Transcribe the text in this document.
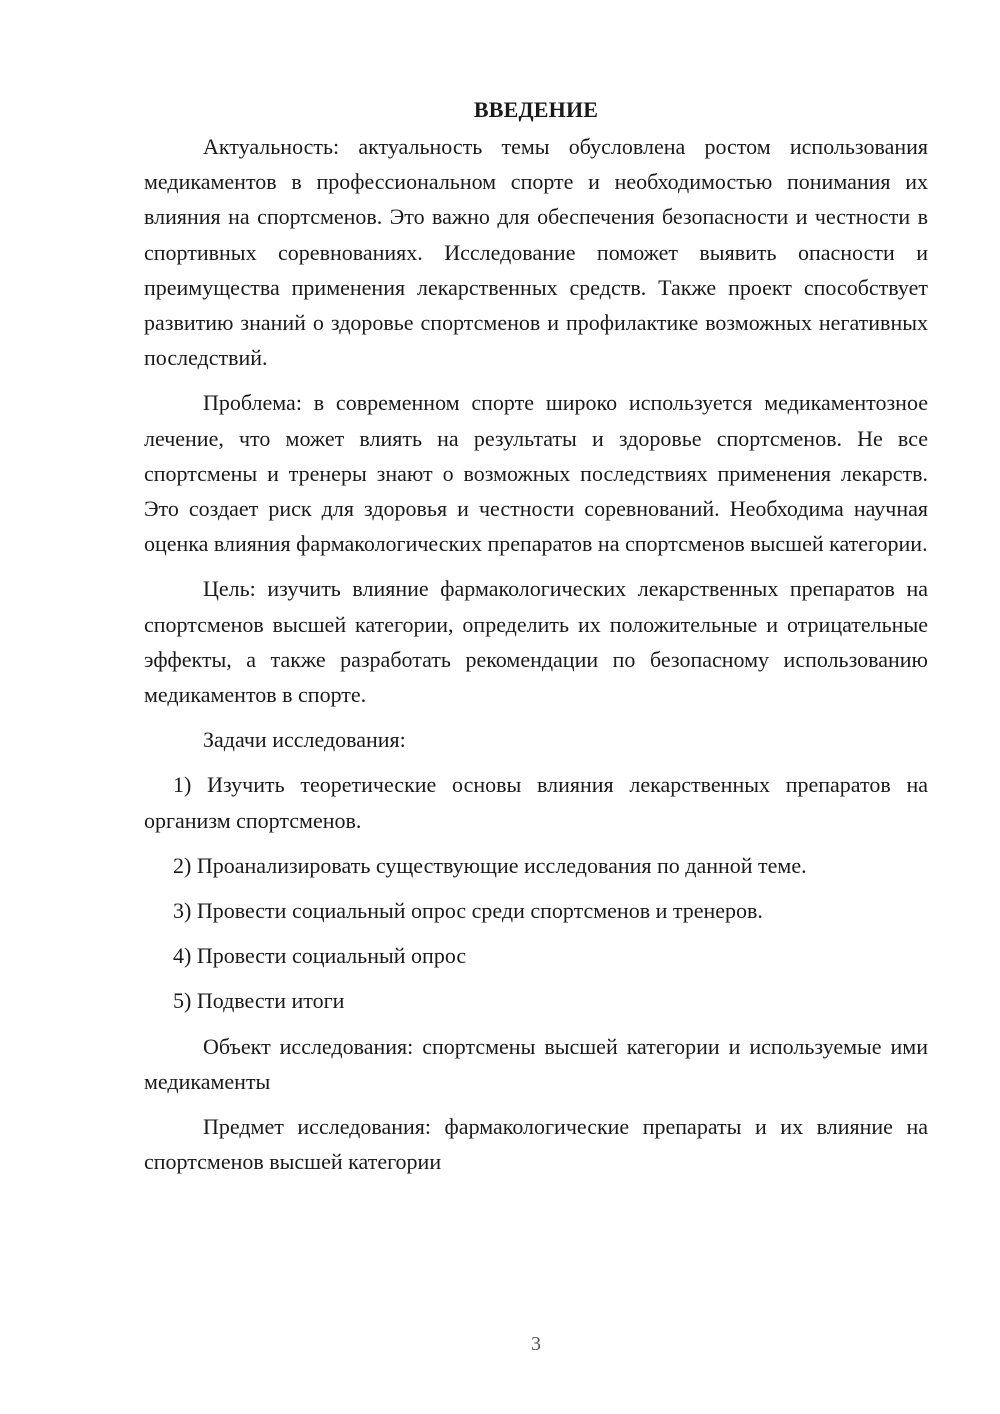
ВВЕДЕНИЕ

Актуальность: актуальность темы обусловлена ростом использования медикаментов в профессиональном спорте и необходимостью понимания их влияния на спортсменов. Это важно для обеспечения безопасности и честности в спортивных соревнованиях. Исследование поможет выявить опасности и преимущества применения лекарственных средств. Также проект способствует развитию знаний о здоровье спортсменов и профилактике возможных негативных последствий.

Проблема: в современном спорте широко используется медикаментозное лечение, что может влиять на результаты и здоровье спортсменов. Не все спортсмены и тренеры знают о возможных последствиях применения лекарств. Это создает риск для здоровья и честности соревнований. Необходима научная оценка влияния фармакологических препаратов на спортсменов высшей категории.

Цель: изучить влияние фармакологических лекарственных препаратов на спортсменов высшей категории, определить их положительные и отрицательные эффекты, а также разработать рекомендации по безопасному использованию медикаментов в спорте.

Задачи исследования:

1) Изучить теоретические основы влияния лекарственных препаратов на организм спортсменов.

2) Проанализировать существующие исследования по данной теме.

3) Провести социальный опрос среди спортсменов и тренеров.

4) Провести социальный опрос

5) Подвести итоги

Объект исследования: спортсмены высшей категории и используемые ими медикаменты

Предмет исследования: фармакологические препараты и их влияние на спортсменов высшей категории

3
